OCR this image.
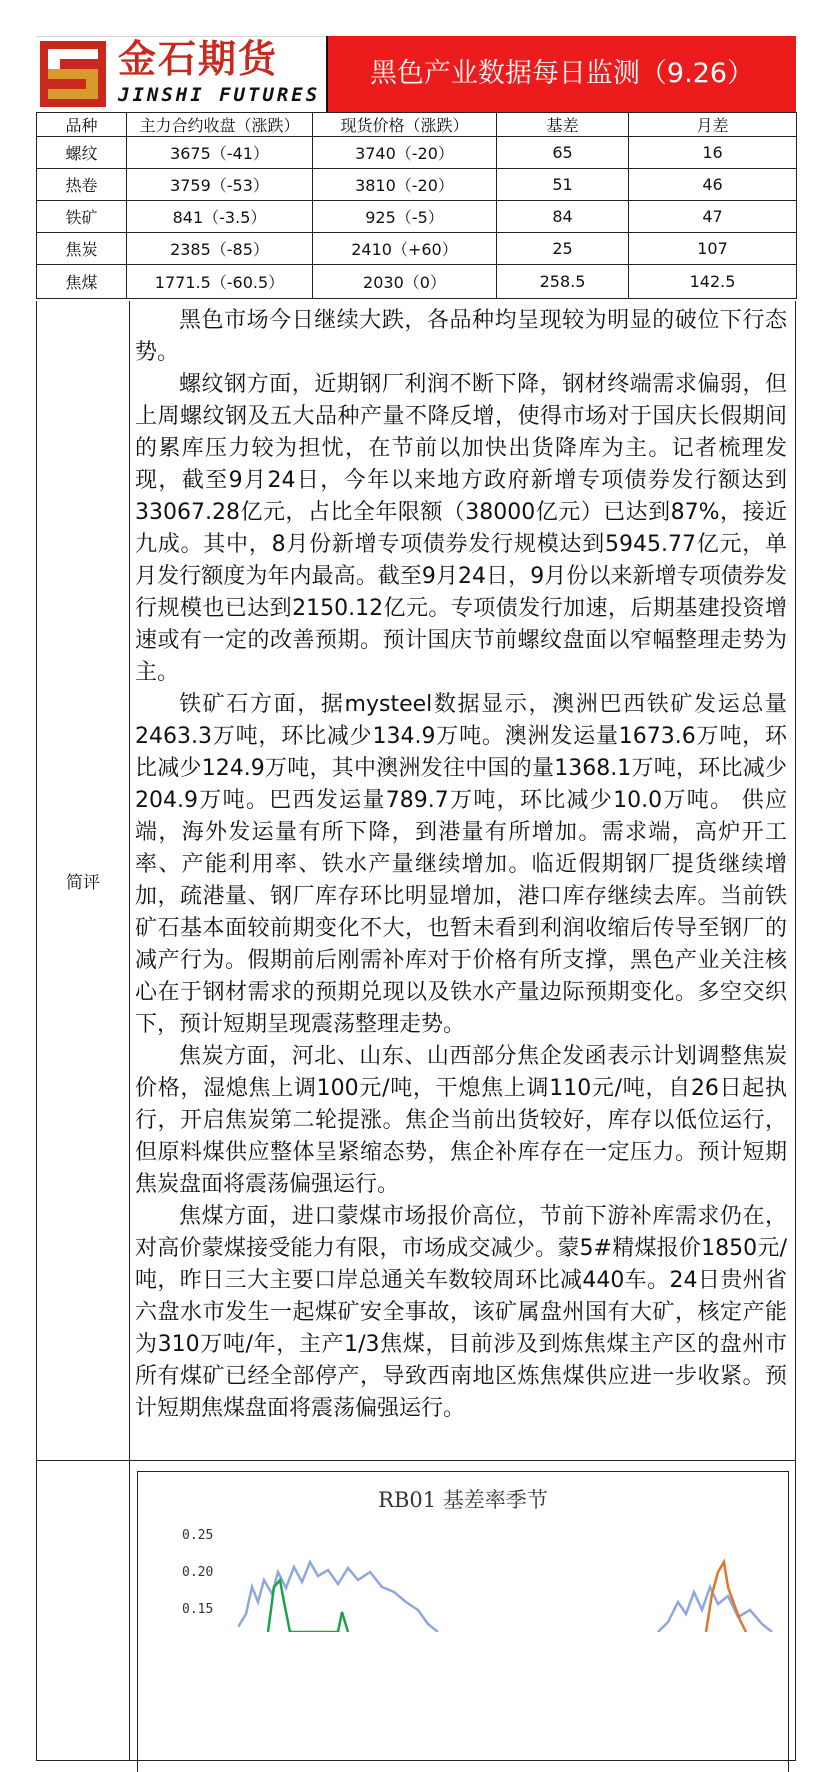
金石期货
JINSHI FUTURES
黑色产业数据每日监测（9.26）
品种	主力合约收盘（涨跌）	现货价格（涨跌）	基差	月差
螺纹	3675（-41）	3740（-20）	65	16
热卷	3759（-53）	3810（-20）	51	46
铁矿	841（-3.5）	925（-5）	84	47
焦炭	2385（-85）	2410（+60）	25	107
焦煤	1771.5（-60.5）	2030（0）	258.5	142.5
简评

黑色市场今日继续大跌，各品种均呈现较为明显的破位下行态势。

螺纹钢方面，近期钢厂利润不断下降，钢材终端需求偏弱，但上周螺纹钢及五大品种产量不降反增，使得市场对于国庆长假期间的累库压力较为担忧，在节前以加快出货降库为主。记者梳理发现，截至9月24日，今年以来地方政府新增专项债券发行额达到33067.28亿元，占比全年限额（38000亿元）已达到87%，接近九成。其中，8月份新增专项债券发行规模达到5945.77亿元，单月发行额度为年内最高。截至9月24日，9月份以来新增专项债券发行规模也已达到2150.12亿元。专项债发行加速，后期基建投资增速或有一定的改善预期。预计国庆节前螺纹盘面以窄幅整理走势为主。

铁矿石方面，据mysteel数据显示，澳洲巴西铁矿发运总量2463.3万吨，环比减少134.9万吨。澳洲发运量1673.6万吨，环比减少124.9万吨，其中澳洲发往中国的量1368.1万吨，环比减少204.9万吨。巴西发运量789.7万吨，环比减少10.0万吨。 供应端，海外发运量有所下降，到港量有所增加。需求端，高炉开工率、产能利用率、铁水产量继续增加。临近假期钢厂提货继续增加，疏港量、钢厂库存环比明显增加，港口库存继续去库。当前铁矿石基本面较前期变化不大，也暂未看到利润收缩后传导至钢厂的减产行为。假期前后刚需补库对于价格有所支撑，黑色产业关注核心在于钢材需求的预期兑现以及铁水产量边际预期变化。多空交织下，预计短期呈现震荡整理走势。

焦炭方面，河北、山东、山西部分焦企发函表示计划调整焦炭价格，湿熄焦上调100元/吨，干熄焦上调110元/吨，自26日起执行，开启焦炭第二轮提涨。焦企当前出货较好，库存以低位运行，但原料煤供应整体呈紧缩态势，焦企补库存在一定压力。预计短期焦炭盘面将震荡偏强运行。

焦煤方面，进口蒙煤市场报价高位，节前下游补库需求仍在，对高价蒙煤接受能力有限，市场成交减少。蒙5#精煤报价1850元/吨，昨日三大主要口岸总通关车数较周环比减440车。24日贵州省六盘水市发生一起煤矿安全事故，该矿属盘州国有大矿，核定产能为310万吨/年，主产1/3焦煤，目前涉及到炼焦煤主产区的盘州市所有煤矿已经全部停产，导致西南地区炼焦煤供应进一步收紧。预计短期焦煤盘面将震荡偏强运行。

RB01 基差率季节
0.25
0.20
0.15
